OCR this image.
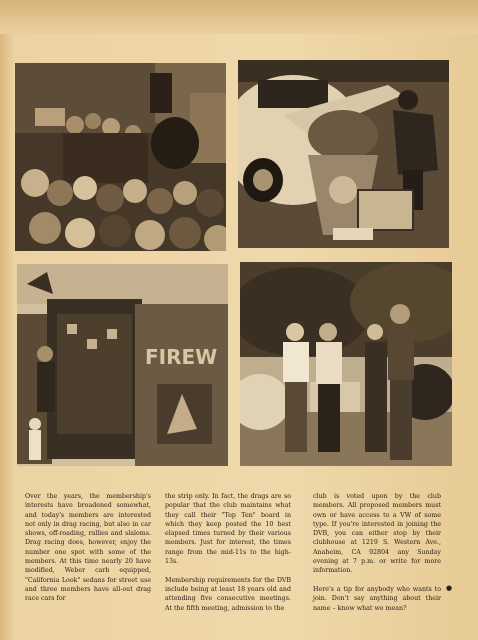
FIREW
Over the years, the membership's interests have broadened somewhat, and today's members are interested not only in drag racing, but also in car shows, off-roading, rallies and slaloms. Drag racing does, however, enjoy the number one spot with some of the members. At this time nearly 20 have modified, Weber carb equipped, "California Look" sedans for street use and three members have all-out drag race cars for
the strip only. In fact, the drags are so popular that the club maintains what they call their "Top Ten" board in which they keep posted the 10 best elapsed times turned by their various members. Just for interest, the times range from the mid-11s to the high-13s.

Membership requirements for the DVB include being at least 18 years old and attending five consecutive meetings. At the fifth meeting, admission to the
club is voted upon by the club members. All proposed members must own or have access to a VW of some type. If you're interested in joining the DVB, you can either stop by their clubhouse at 1219 S. Western Ave., Anaheim, CA 92804 any Sunday evening at 7 p.m. or write for more information.

Here's a tip for anybody who wants to join. Don't say anything about their name – know what we mean?
●
